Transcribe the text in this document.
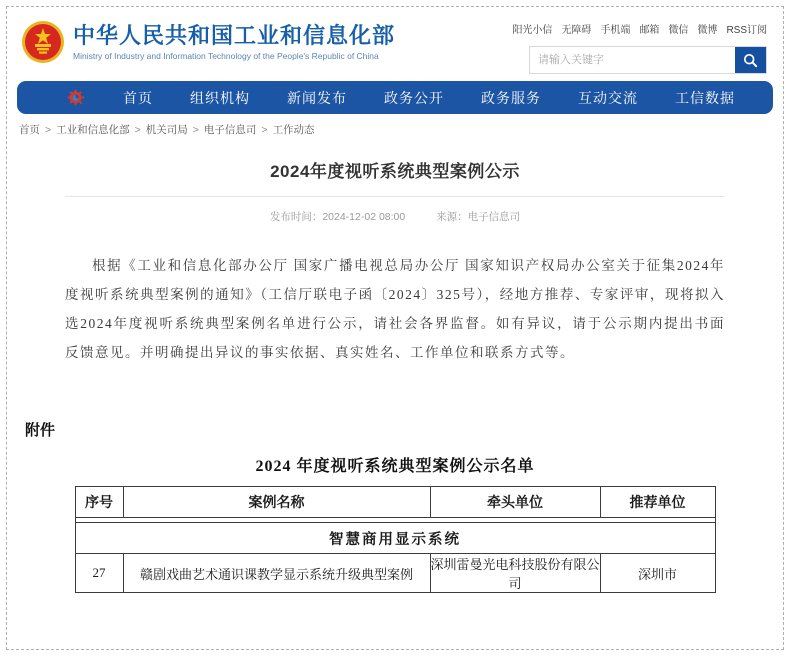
中华人民共和国工业和信息化部
Ministry of Industry and Information Technology of the People's Republic of China
阳光小信 无障碍 手机端 邮箱 微信 微博 RSS订阅
请输入关键字
首页	组织机构	新闻发布	政务公开	政务服务	互动交流	工信数据
首页 > 工业和信息化部 > 机关司局 > 电子信息司 > 工作动态
2024年度视听系统典型案例公示
发布时间：2024-12-02 08:00	来源：电子信息司

根据《工业和信息化部办公厅 国家广播电视总局办公厅 国家知识产权局办公室关于征集2024年度视听系统典型案例的通知》（工信厅联电子函〔2024〕325号），经地方推荐、专家评审，现将拟入选2024年度视听系统典型案例名单进行公示，请社会各界监督。如有异议，请于公示期内提出书面反馈意见。并明确提出异议的事实依据、真实姓名、工作单位和联系方式等。

附件
2024 年度视听系统典型案例公示名单
序号	案例名称	牵头单位	推荐单位

智慧商用显示系统			
27	赣剧戏曲艺术通识课教学显示系统升级典型案例	深圳雷曼光电科技股份有限公司	深圳市
